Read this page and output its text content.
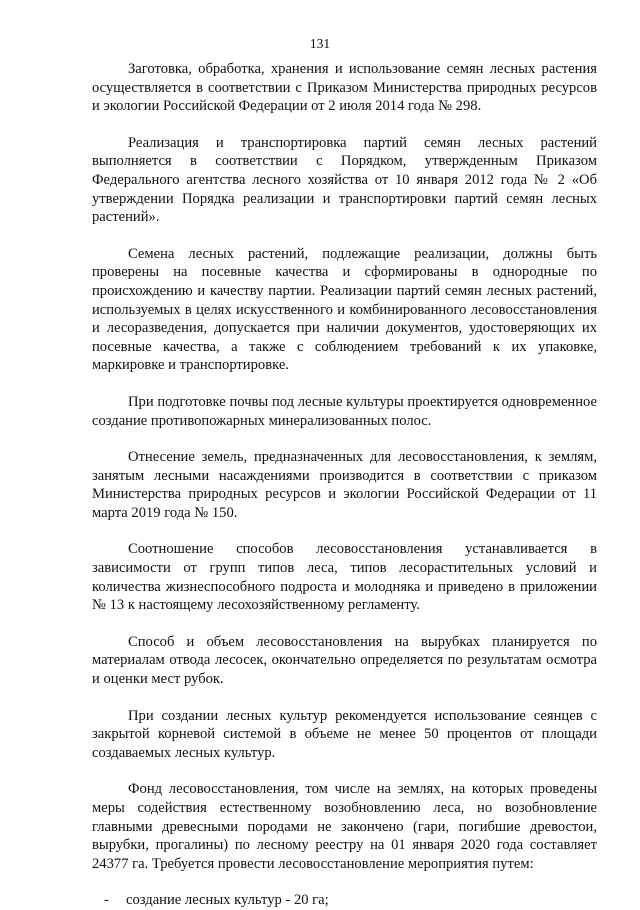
131

Заготовка, обработка, хранения и использование семян лесных растения осуществляется в соответствии с Приказом Министерства природных ресурсов и экологии Российской Федерации от 2 июля 2014 года № 298.

Реализация и транспортировка партий семян лесных растений выполняется в соответствии с Порядком, утвержденным Приказом Федерального агентства лесного хозяйства от 10 января 2012 года № 2 «Об утверждении Порядка реализации и транспортировки партий семян лесных растений».

Семена лесных растений, подлежащие реализации, должны быть проверены на посевные качества и сформированы в однородные по происхождению и качеству партии. Реализации партий семян лесных растений, используемых в целях искусственного и комбинированного лесовосстановления и лесоразведения, допускается при наличии документов, удостоверяющих их посевные качества, а также с соблюдением требований к их упаковке, маркировке и транспортировке.

При подготовке почвы под лесные культуры проектируется одновременное создание противопожарных минерализованных полос.

Отнесение земель, предназначенных для лесовосстановления, к землям, занятым лесными насаждениями производится в соответствии с приказом Министерства природных ресурсов и экологии Российской Федерации от 11 марта 2019 года № 150.

Соотношение способов лесовосстановления устанавливается в зависимости от групп типов леса, типов лесорастительных условий и количества жизнеспособного подроста и молодняка и приведено в приложении № 13 к настоящему лесохозяйственному регламенту.

Способ и объем лесовосстановления на вырубках планируется по материалам отвода лесосек, окончательно определяется по результатам осмотра и оценки мест рубок.

При создании лесных культур рекомендуется использование сеянцев с закрытой корневой системой в объеме не менее 50 процентов от площади создаваемых лесных культур.

Фонд лесовосстановления, том числе на землях, на которых проведены меры содействия естественному возобновлению леса, но возобновление главными древесными породами не закончено (гари, погибшие древостои, вырубки, прогалины) по лесному реестру на 01 января 2020 года составляет 24377 га. Требуется провести лесовосстановление мероприятия путем:

- создание лесных культур - 20 га;
